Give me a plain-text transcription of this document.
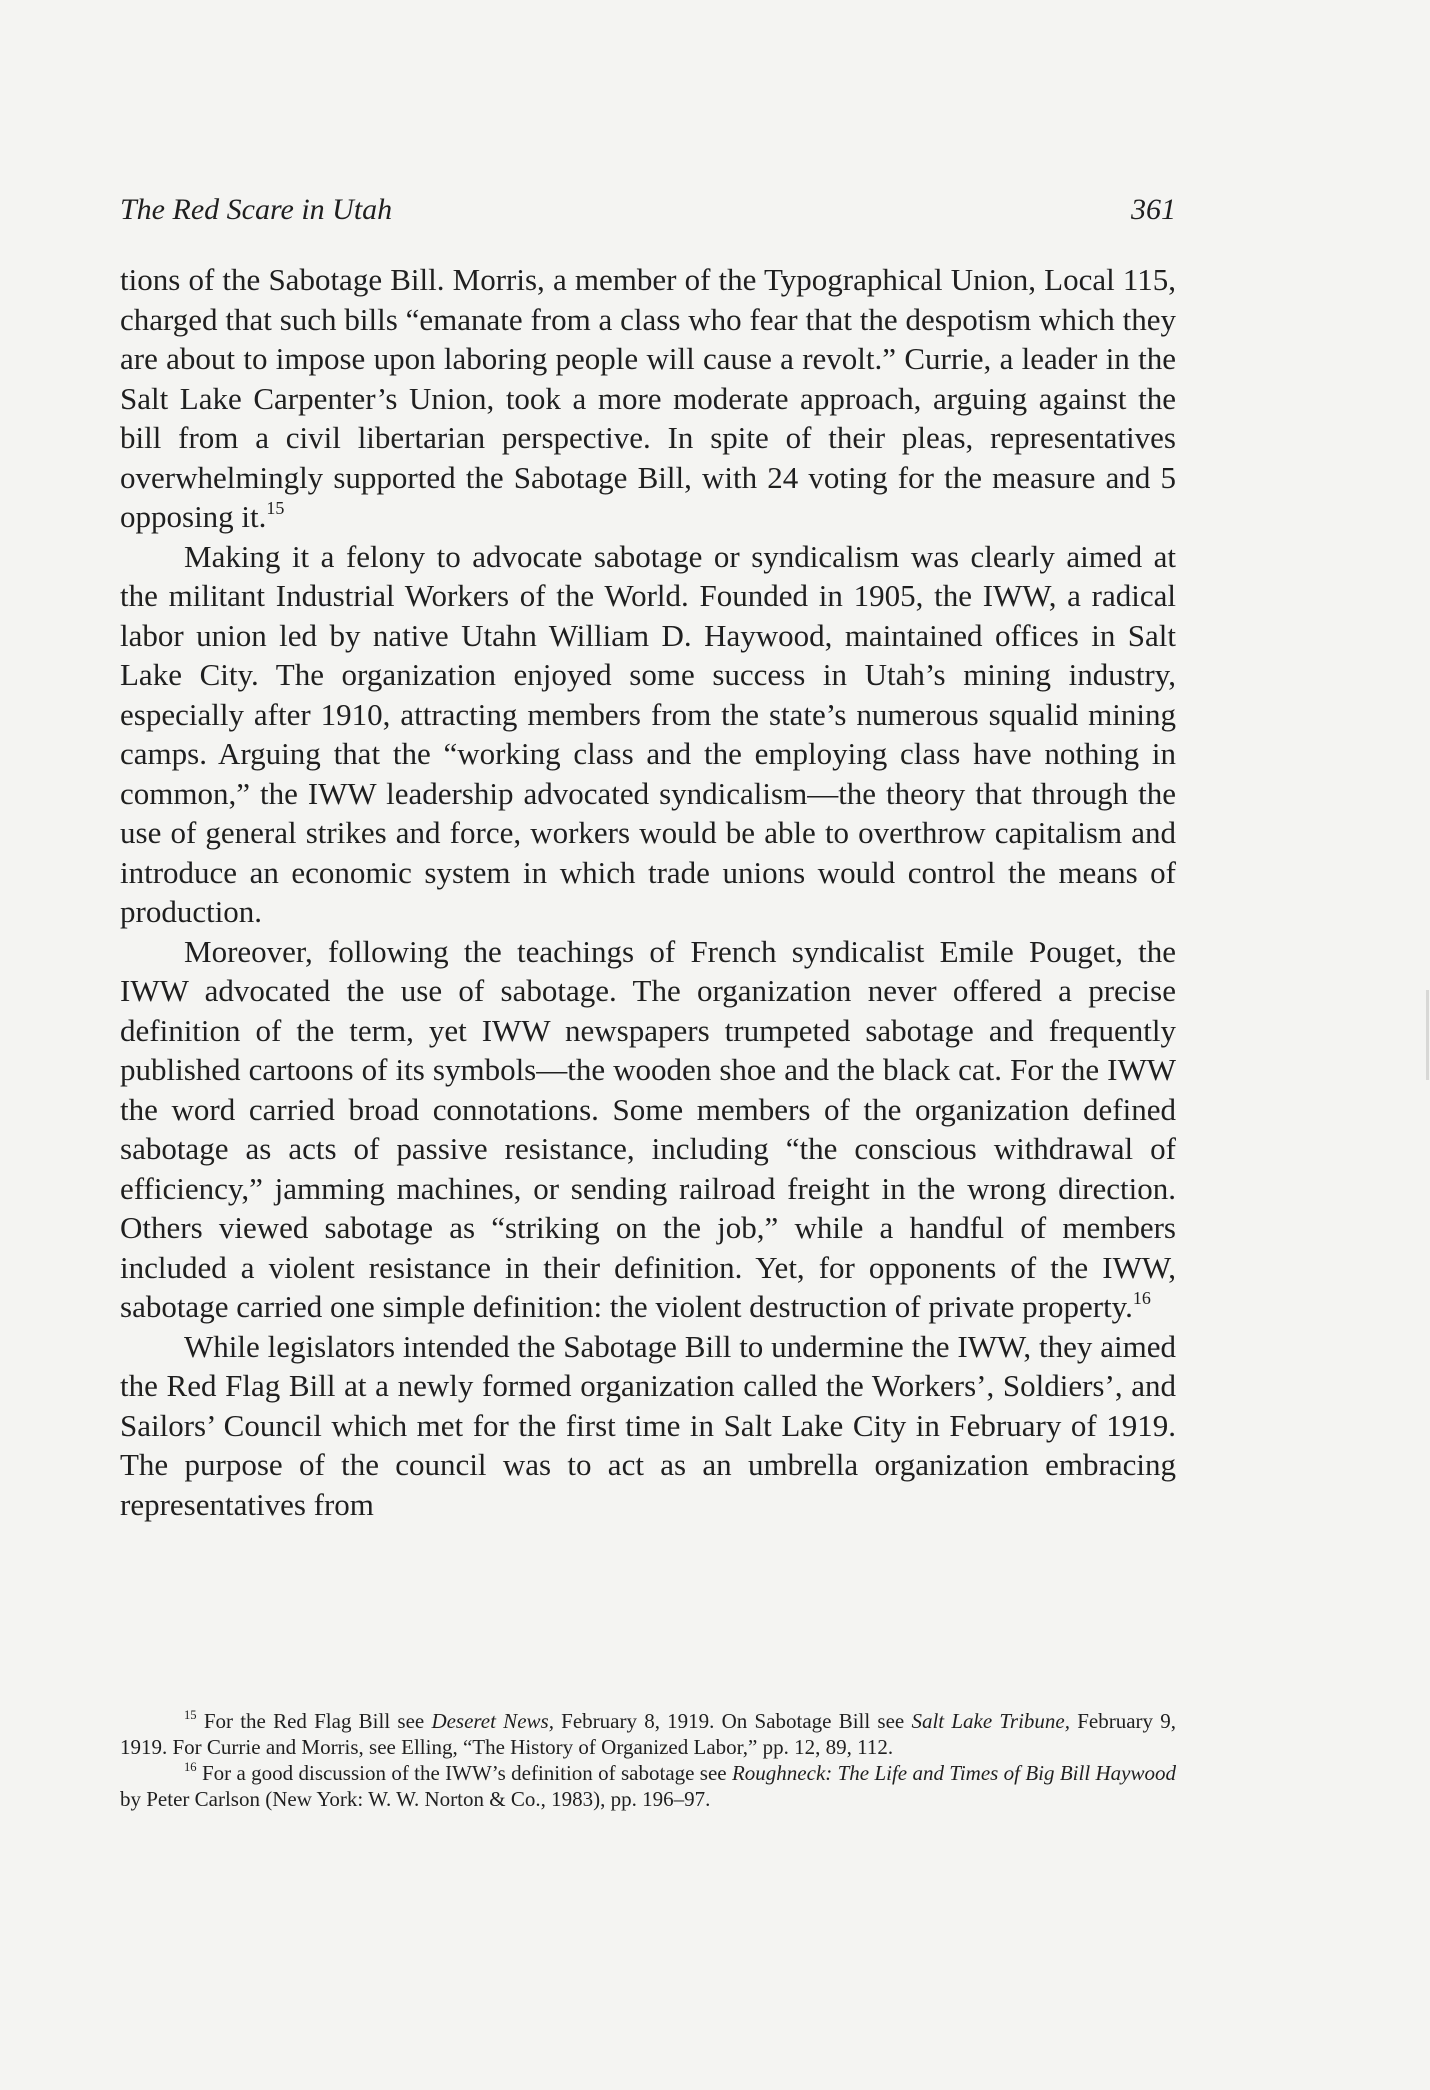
The Red Scare in Utah	361

tions of the Sabotage Bill. Morris, a member of the Typographical Union, Local 115, charged that such bills “emanate from a class who fear that the despotism which they are about to impose upon laboring people will cause a revolt.” Currie, a leader in the Salt Lake Carpenter’s Union, took a more moderate approach, arguing against the bill from a civil libertarian perspective. In spite of their pleas, representatives overwhelmingly supported the Sabotage Bill, with 24 voting for the measure and 5 opposing it.$^{15}$

Making it a felony to advocate sabotage or syndicalism was clearly aimed at the militant Industrial Workers of the World. Founded in 1905, the IWW, a radical labor union led by native Utahn William D. Haywood, maintained offices in Salt Lake City. The organization enjoyed some success in Utah’s mining industry, especially after 1910, attracting members from the state’s numerous squalid mining camps. Arguing that the “working class and the employing class have nothing in common,” the IWW leadership advocated syndicalism—the theory that through the use of general strikes and force, workers would be able to overthrow capitalism and introduce an economic system in which trade unions would control the means of production.

Moreover, following the teachings of French syndicalist Emile Pouget, the IWW advocated the use of sabotage. The organization never offered a precise definition of the term, yet IWW newspapers trumpeted sabotage and frequently published cartoons of its symbols—the wooden shoe and the black cat. For the IWW the word carried broad connotations. Some members of the organization defined sabotage as acts of passive resistance, including “the conscious withdrawal of efficiency,” jamming machines, or sending railroad freight in the wrong direction. Others viewed sabotage as “striking on the job,” while a handful of members included a violent resistance in their definition. Yet, for opponents of the IWW, sabotage carried one simple definition: the violent destruction of private property.$^{16}$

While legislators intended the Sabotage Bill to undermine the IWW, they aimed the Red Flag Bill at a newly formed organization called the Workers’, Soldiers’, and Sailors’ Council which met for the first time in Salt Lake City in February of 1919. The purpose of the council was to act as an umbrella organization embracing representatives from

$^{15}$ For the Red Flag Bill see Deseret News, February 8, 1919. On Sabotage Bill see Salt Lake Tribune, February 9, 1919. For Currie and Morris, see Elling, “The History of Organized Labor,” pp. 12, 89, 112.

$^{16}$ For a good discussion of the IWW’s definition of sabotage see Roughneck: The Life and Times of Big Bill Haywood by Peter Carlson (New York: W. W. Norton & Co., 1983), pp. 196–97.
